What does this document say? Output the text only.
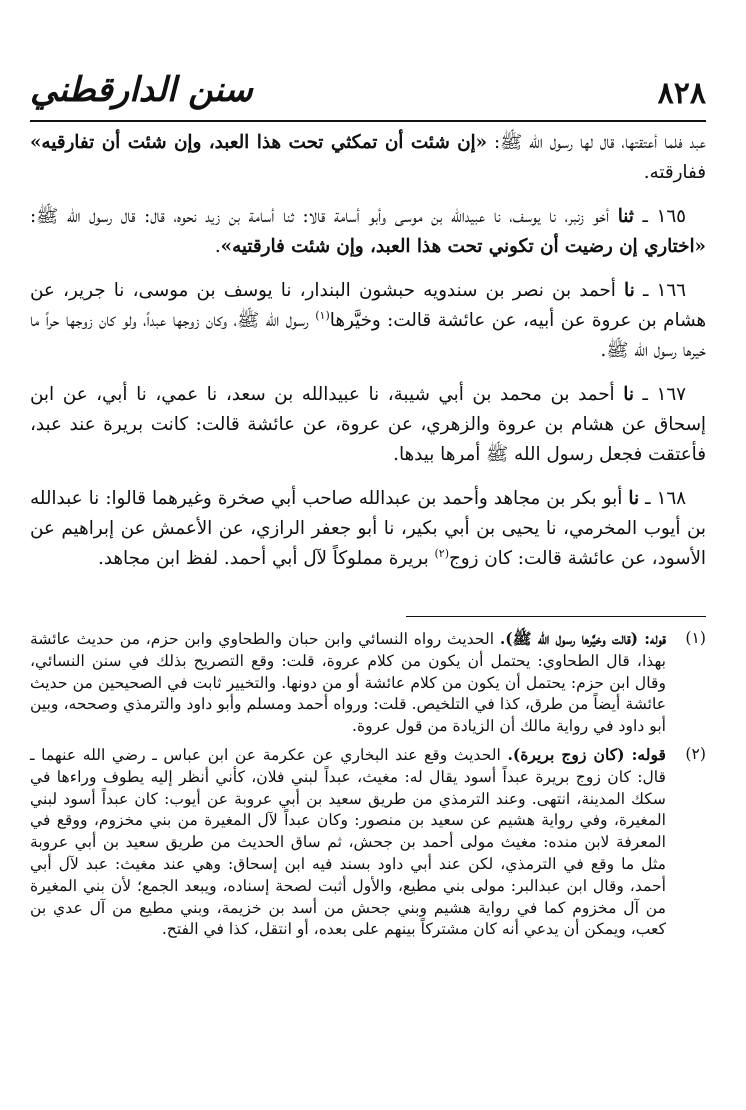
سنن الدارقطني	٨٢٨

عبد فلما أعتقتها، قال لها رسول الله ﷺ: «إن شئت أن تمكثي تحت هذا العبد، وإن شئت أن تفارقيه» ففارقته.

١٦٥ ـ ثنا أخو زنبر، نا يوسف، نا عبيدالله بن موسى وأبو أسامة قالا: ثنا أسامة بن زيد نحوه، قال: قال رسول الله ﷺ: «اختاري إن رضيت أن تكوني تحت هذا العبد، وإن شئت فارقتيه».

١٦٦ ـ نا أحمد بن نصر بن سندويه حبشون البندار، نا يوسف بن موسى، نا جرير، عن هشام بن عروة عن أبيه، عن عائشة قالت: وخيَّرها$^{(١)}$ رسول الله ﷺ، وكان زوجها عبداً، ولو كان زوجها حراً ما خيرها رسول الله ﷺ.

١٦٧ ـ نا أحمد بن محمد بن أبي شيبة، نا عبيدالله بن سعد، نا عمي، نا أبي، عن ابن إسحاق عن هشام بن عروة والزهري، عن عروة، عن عائشة قالت: كانت بريرة عند عبد، فأعتقت فجعل رسول الله ﷺ أمرها بيدها.

١٦٨ ـ نا أبو بكر بن مجاهد وأحمد بن عبدالله صاحب أبي صخرة وغيرهما قالوا: نا عبدالله بن أيوب المخرمي، نا يحيى بن أبي بكير، نا أبو جعفر الرازي، عن الأعمش عن إبراهيم عن الأسود، عن عائشة قالت: كان زوج$^{(٢)}$ بريرة مملوكاً لآل أبي أحمد. لفظ ابن مجاهد.

(١)
قوله: (قالت وخيَّرها رسول الله ﷺ). الحديث رواه النسائي وابن حبان والطحاوي وابن حزم، من حديث عائشة بهذا، قال الطحاوي: يحتمل أن يكون من كلام عروة، قلت: وقع التصريح بذلك في سنن النسائي، وقال ابن حزم: يحتمل أن يكون من كلام عائشة أو من دونها. والتخيير ثابت في الصحيحين من حديث عائشة أيضاً من طرق، كذا في التلخيص. قلت: ورواه أحمد ومسلم وأبو داود والترمذي وصححه، وبين أبو داود في رواية مالك أن الزيادة من قول عروة.
(٢)
قوله: (كان زوج بريرة). الحديث وقع عند البخاري عن عكرمة عن ابن عباس ـ رضي الله عنهما ـ قال: كان زوج بريرة عبداً أسود يقال له: مغيث، عبداً لبني فلان، كأني أنظر إليه يطوف وراءها في سكك المدينة، انتهى. وعند الترمذي من طريق سعيد بن أبي عروبة عن أيوب: كان عبداً أسود لبني المغيرة، وفي رواية هشيم عن سعيد بن منصور: وكان عبداً لآل المغيرة من بني مخزوم، ووقع في المعرفة لابن منده: مغيث مولى أحمد بن جحش، ثم ساق الحديث من طريق سعيد بن أبي عروبة مثل ما وقع في الترمذي، لكن عند أبي داود بسند فيه ابن إسحاق: وهي عند مغيث: عبد لآل أبي أحمد، وقال ابن عبدالبر: مولى بني مطيع، والأول أثبت لصحة إسناده، ويبعد الجمع؛ لأن بني المغيرة من آل مخزوم كما في رواية هشيم وبني جحش من أسد بن خزيمة، وبني مطيع من آل عدي بن كعب، ويمكن أن يدعي أنه كان مشتركاً بينهم على بعده، أو انتقل، كذا في الفتح.
